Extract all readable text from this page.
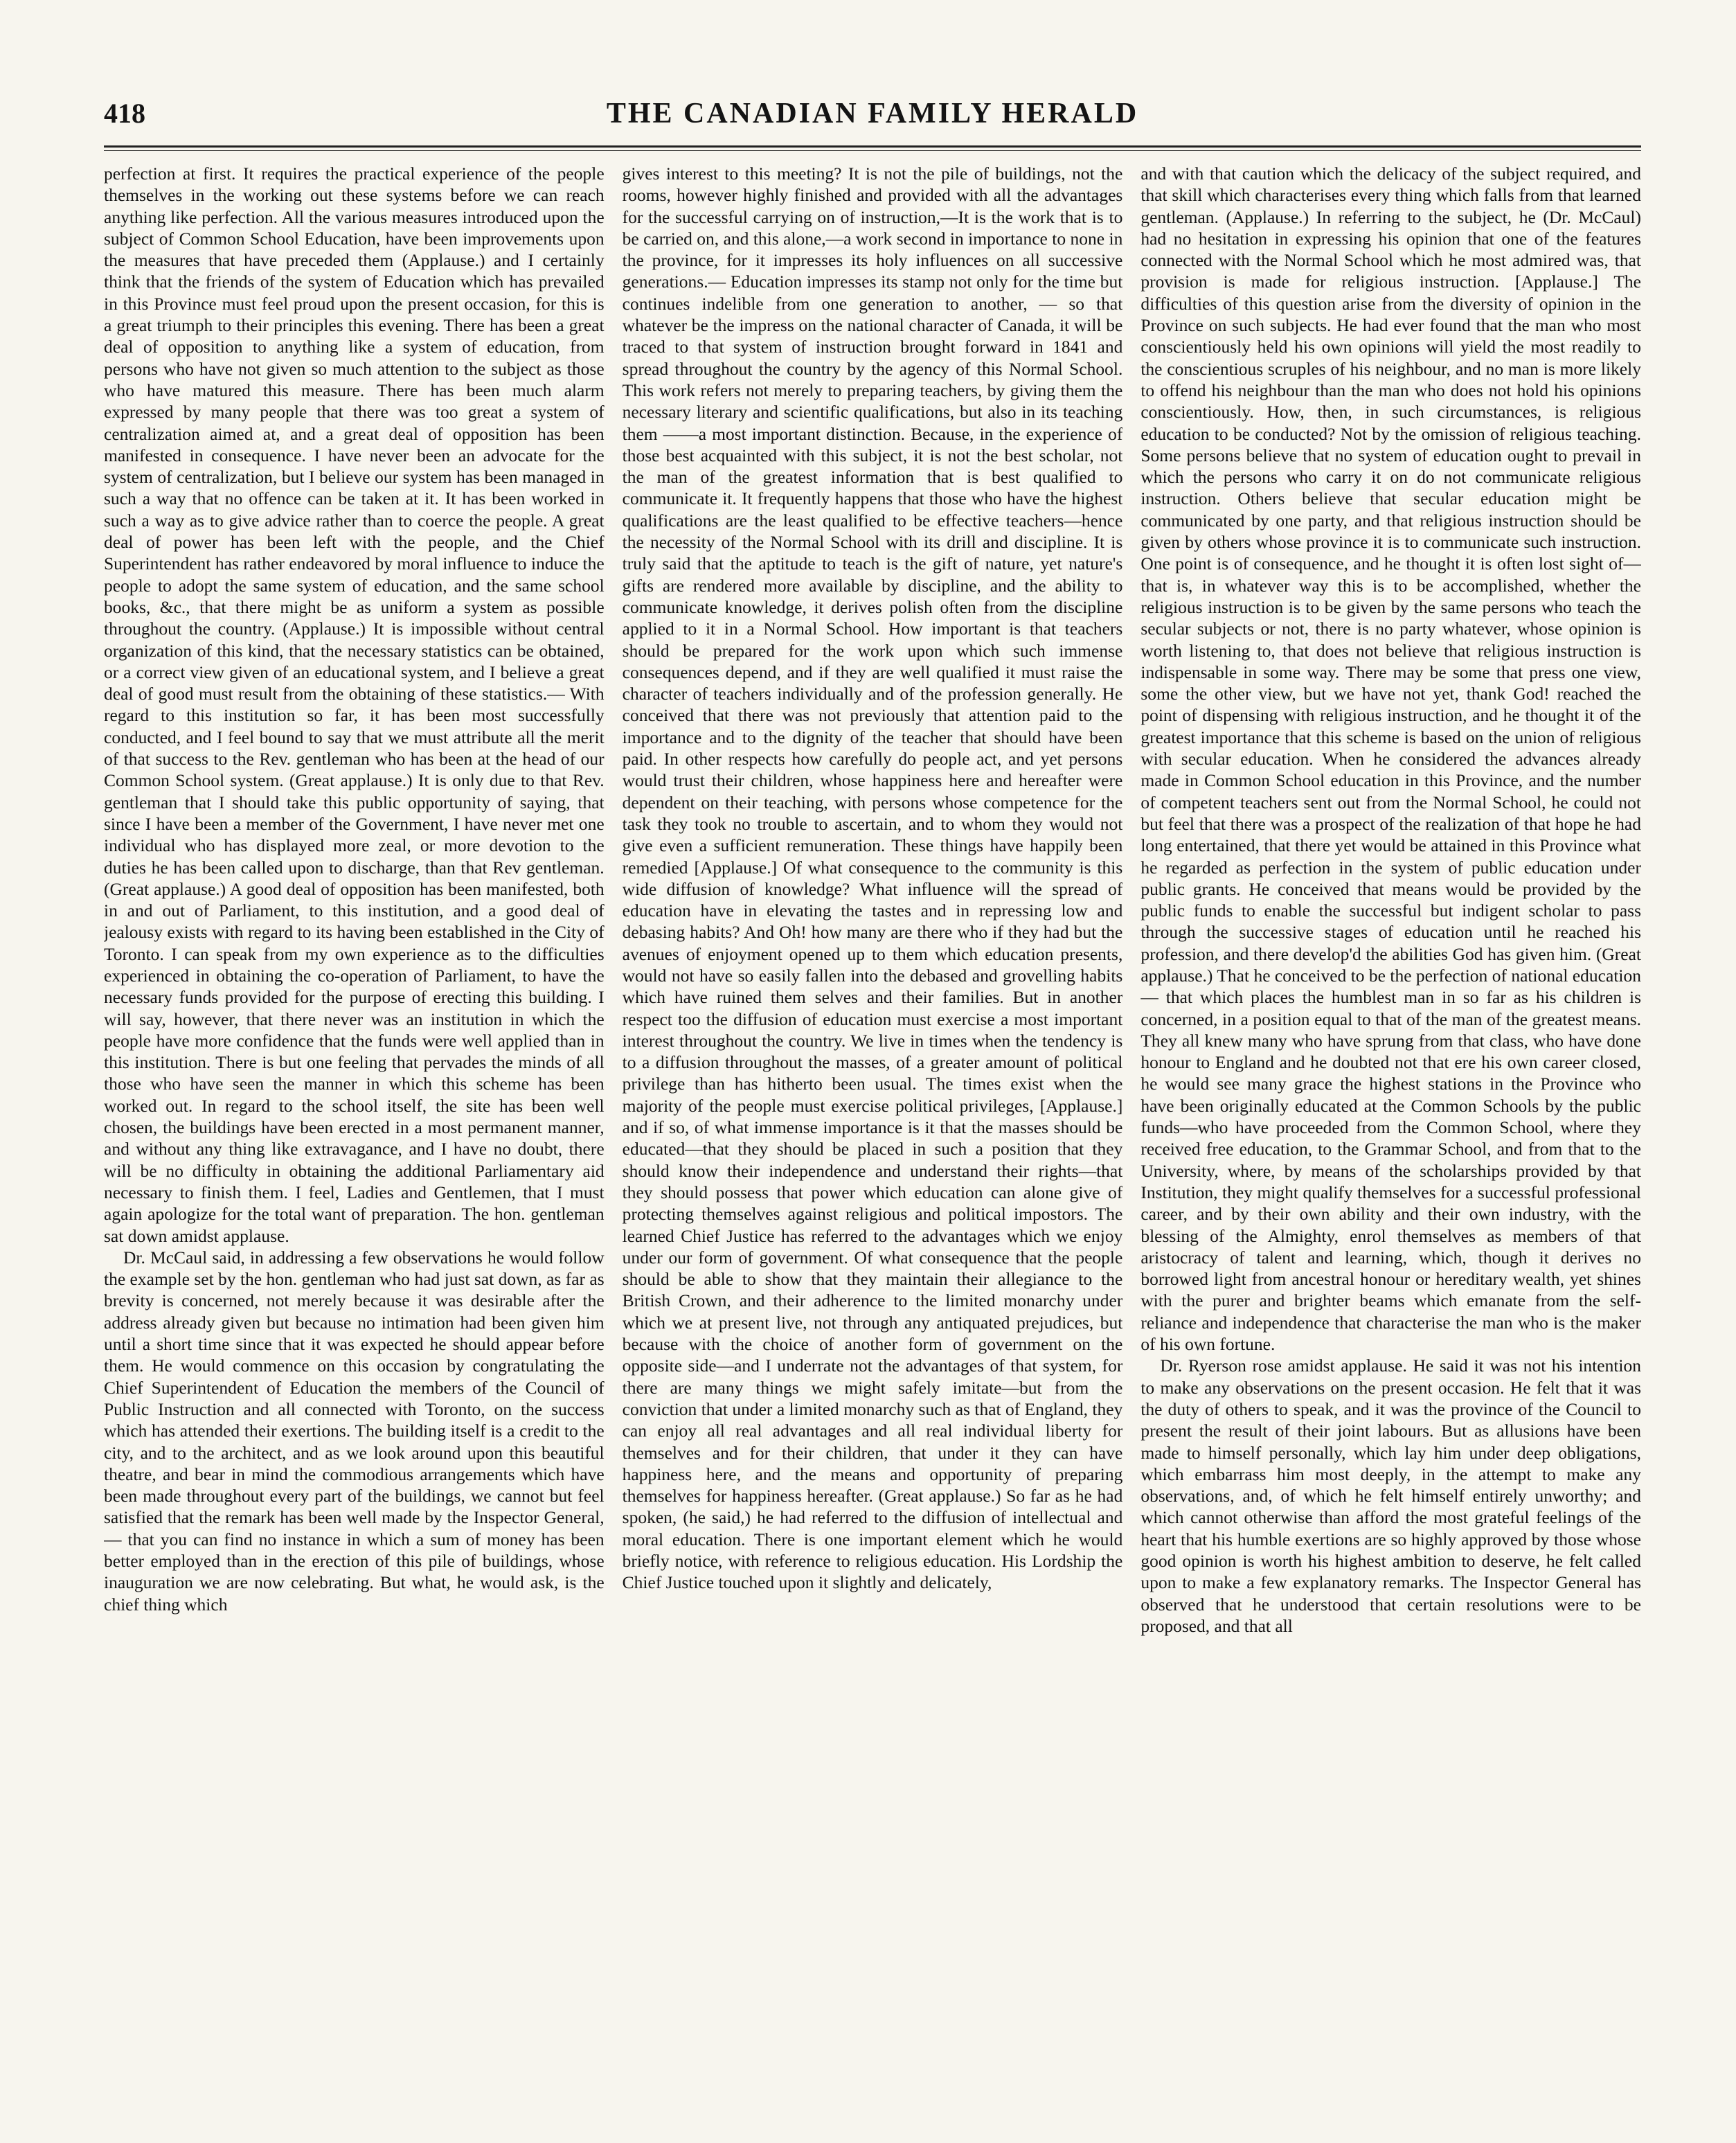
418	THE CANADIAN FAMILY HERALD

perfection at first. It requires the practical experience of the people themselves in the working out these systems before we can reach anything like perfection. All the various measures introduced upon the subject of Common School Education, have been improvements upon the measures that have preceded them (Applause.) and I certainly think that the friends of the system of Education which has prevailed in this Province must feel proud upon the present occasion, for this is a great triumph to their principles this evening. There has been a great deal of opposition to anything like a system of education, from persons who have not given so much attention to the subject as those who have matured this measure. There has been much alarm expressed by many people that there was too great a system of centralization aimed at, and a great deal of opposition has been manifested in consequence. I have never been an advocate for the system of centralization, but I believe our system has been managed in such a way that no offence can be taken at it. It has been worked in such a way as to give advice rather than to coerce the people. A great deal of power has been left with the people, and the Chief Superintendent has rather endeavored by moral influence to induce the people to adopt the same system of education, and the same school books, &c., that there might be as uniform a system as possible throughout the country. (Applause.) It is impossible without central organization of this kind, that the necessary statistics can be obtained, or a correct view given of an educational system, and I believe a great deal of good must result from the obtaining of these statistics.— With regard to this institution so far, it has been most successfully conducted, and I feel bound to say that we must attribute all the merit of that success to the Rev. gentleman who has been at the head of our Common School system. (Great applause.) It is only due to that Rev. gentleman that I should take this public opportunity of saying, that since I have been a member of the Government, I have never met one individual who has displayed more zeal, or more devotion to the duties he has been called upon to discharge, than that Rev gentleman. (Great applause.) A good deal of opposition has been manifested, both in and out of Parliament, to this institution, and a good deal of jealousy exists with regard to its having been established in the City of Toronto. I can speak from my own experience as to the difficulties experienced in obtaining the co-operation of Parliament, to have the necessary funds provided for the purpose of erecting this building. I will say, however, that there never was an institution in which the people have more confidence that the funds were well applied than in this institution. There is but one feeling that pervades the minds of all those who have seen the manner in which this scheme has been worked out. In regard to the school itself, the site has been well chosen, the buildings have been erected in a most permanent manner, and without any thing like extravagance, and I have no doubt, there will be no difficulty in obtaining the additional Parliamentary aid necessary to finish them. I feel, Ladies and Gentlemen, that I must again apologize for the total want of preparation. The hon. gentleman sat down amidst applause.

Dr. McCaul said, in addressing a few observations he would follow the example set by the hon. gentleman who had just sat down, as far as brevity is concerned, not merely because it was desirable after the address already given but because no intimation had been given him until a short time since that it was expected he should appear before them. He would commence on this occasion by congratulating the Chief Superintendent of Education the members of the Council of Public Instruction and all connected with Toronto, on the success which has attended their exertions. The building itself is a credit to the city, and to the architect, and as we look around upon this beautiful theatre, and bear in mind the commodious arrangements which have been made throughout every part of the buildings, we cannot but feel satisfied that the remark has been well made by the Inspector General, — that you can find no instance in which a sum of money has been better employed than in the erection of this pile of buildings, whose inauguration we are now celebrating. But what, he would ask, is the chief thing which

gives interest to this meeting? It is not the pile of buildings, not the rooms, however highly finished and provided with all the advantages for the successful carrying on of instruction,—It is the work that is to be carried on, and this alone,—a work second in importance to none in the province, for it impresses its holy influences on all successive generations.— Education impresses its stamp not only for the time but continues indelible from one generation to another, — so that whatever be the impress on the national character of Canada, it will be traced to that system of instruction brought forward in 1841 and spread throughout the country by the agency of this Normal School. This work refers not merely to preparing teachers, by giving them the necessary literary and scientific qualifications, but also in its teaching them ——a most important distinction. Because, in the experience of those best acquainted with this subject, it is not the best scholar, not the man of the greatest information that is best qualified to communicate it. It frequently happens that those who have the highest qualifications are the least qualified to be effective teachers—hence the necessity of the Normal School with its drill and discipline. It is truly said that the aptitude to teach is the gift of nature, yet nature's gifts are rendered more available by discipline, and the ability to communicate knowledge, it derives polish often from the discipline applied to it in a Normal School. How important is that teachers should be prepared for the work upon which such immense consequences depend, and if they are well qualified it must raise the character of teachers individually and of the profession generally. He conceived that there was not previously that attention paid to the importance and to the dignity of the teacher that should have been paid. In other respects how carefully do people act, and yet persons would trust their children, whose happiness here and hereafter were dependent on their teaching, with persons whose competence for the task they took no trouble to ascertain, and to whom they would not give even a sufficient remuneration. These things have happily been remedied [Applause.] Of what consequence to the community is this wide diffusion of knowledge? What influence will the spread of education have in elevating the tastes and in repressing low and debasing habits? And Oh! how many are there who if they had but the avenues of enjoyment opened up to them which education presents, would not have so easily fallen into the debased and grovelling habits which have ruined them selves and their families. But in another respect too the diffusion of education must exercise a most important interest throughout the country. We live in times when the tendency is to a diffusion throughout the masses, of a greater amount of political privilege than has hitherto been usual. The times exist when the majority of the people must exercise political privileges, [Applause.] and if so, of what immense importance is it that the masses should be educated—that they should be placed in such a position that they should know their independence and understand their rights—that they should possess that power which education can alone give of protecting themselves against religious and political impostors. The learned Chief Justice has referred to the advantages which we enjoy under our form of government. Of what consequence that the people should be able to show that they maintain their allegiance to the British Crown, and their adherence to the limited monarchy under which we at present live, not through any antiquated prejudices, but because with the choice of another form of government on the opposite side—and I underrate not the advantages of that system, for there are many things we might safely imitate—but from the conviction that under a limited monarchy such as that of England, they can enjoy all real advantages and all real individual liberty for themselves and for their children, that under it they can have happiness here, and the means and opportunity of preparing themselves for happiness hereafter. (Great applause.) So far as he had spoken, (he said,) he had referred to the diffusion of intellectual and moral education. There is one important element which he would briefly notice, with reference to religious education. His Lordship the Chief Justice touched upon it slightly and delicately,

and with that caution which the delicacy of the subject required, and that skill which characterises every thing which falls from that learned gentleman. (Applause.) In referring to the subject, he (Dr. McCaul) had no hesitation in expressing his opinion that one of the features connected with the Normal School which he most admired was, that provision is made for religious instruction. [Applause.] The difficulties of this question arise from the diversity of opinion in the Province on such subjects. He had ever found that the man who most conscientiously held his own opinions will yield the most readily to the conscientious scruples of his neighbour, and no man is more likely to offend his neighbour than the man who does not hold his opinions conscientiously. How, then, in such circumstances, is religious education to be conducted? Not by the omission of religious teaching. Some persons believe that no system of education ought to prevail in which the persons who carry it on do not communicate religious instruction. Others believe that secular education might be communicated by one party, and that religious instruction should be given by others whose province it is to communicate such instruction. One point is of consequence, and he thought it is often lost sight of—that is, in whatever way this is to be accomplished, whether the religious instruction is to be given by the same persons who teach the secular subjects or not, there is no party whatever, whose opinion is worth listening to, that does not believe that religious instruction is indispensable in some way. There may be some that press one view, some the other view, but we have not yet, thank God! reached the point of dispensing with religious instruction, and he thought it of the greatest importance that this scheme is based on the union of religious with secular education. When he considered the advances already made in Common School education in this Province, and the number of competent teachers sent out from the Normal School, he could not but feel that there was a prospect of the realization of that hope he had long entertained, that there yet would be attained in this Province what he regarded as perfection in the system of public education under public grants. He conceived that means would be provided by the public funds to enable the successful but indigent scholar to pass through the successive stages of education until he reached his profession, and there develop'd the abilities God has given him. (Great applause.) That he conceived to be the perfection of national education — that which places the humblest man in so far as his children is concerned, in a position equal to that of the man of the greatest means. They all knew many who have sprung from that class, who have done honour to England and he doubted not that ere his own career closed, he would see many grace the highest stations in the Province who have been originally educated at the Common Schools by the public funds—who have proceeded from the Common School, where they received free education, to the Grammar School, and from that to the University, where, by means of the scholarships provided by that Institution, they might qualify themselves for a successful professional career, and by their own ability and their own industry, with the blessing of the Almighty, enrol themselves as members of that aristocracy of talent and learning, which, though it derives no borrowed light from ancestral honour or hereditary wealth, yet shines with the purer and brighter beams which emanate from the self-reliance and independence that characterise the man who is the maker of his own fortune.

Dr. Ryerson rose amidst applause. He said it was not his intention to make any observations on the present occasion. He felt that it was the duty of others to speak, and it was the province of the Council to present the result of their joint labours. But as allusions have been made to himself personally, which lay him under deep obligations, which embarrass him most deeply, in the attempt to make any observations, and, of which he felt himself entirely unworthy; and which cannot otherwise than afford the most grateful feelings of the heart that his humble exertions are so highly approved by those whose good opinion is worth his highest ambition to deserve, he felt called upon to make a few explanatory remarks. The Inspector General has observed that he understood that certain resolutions were to be proposed, and that all
